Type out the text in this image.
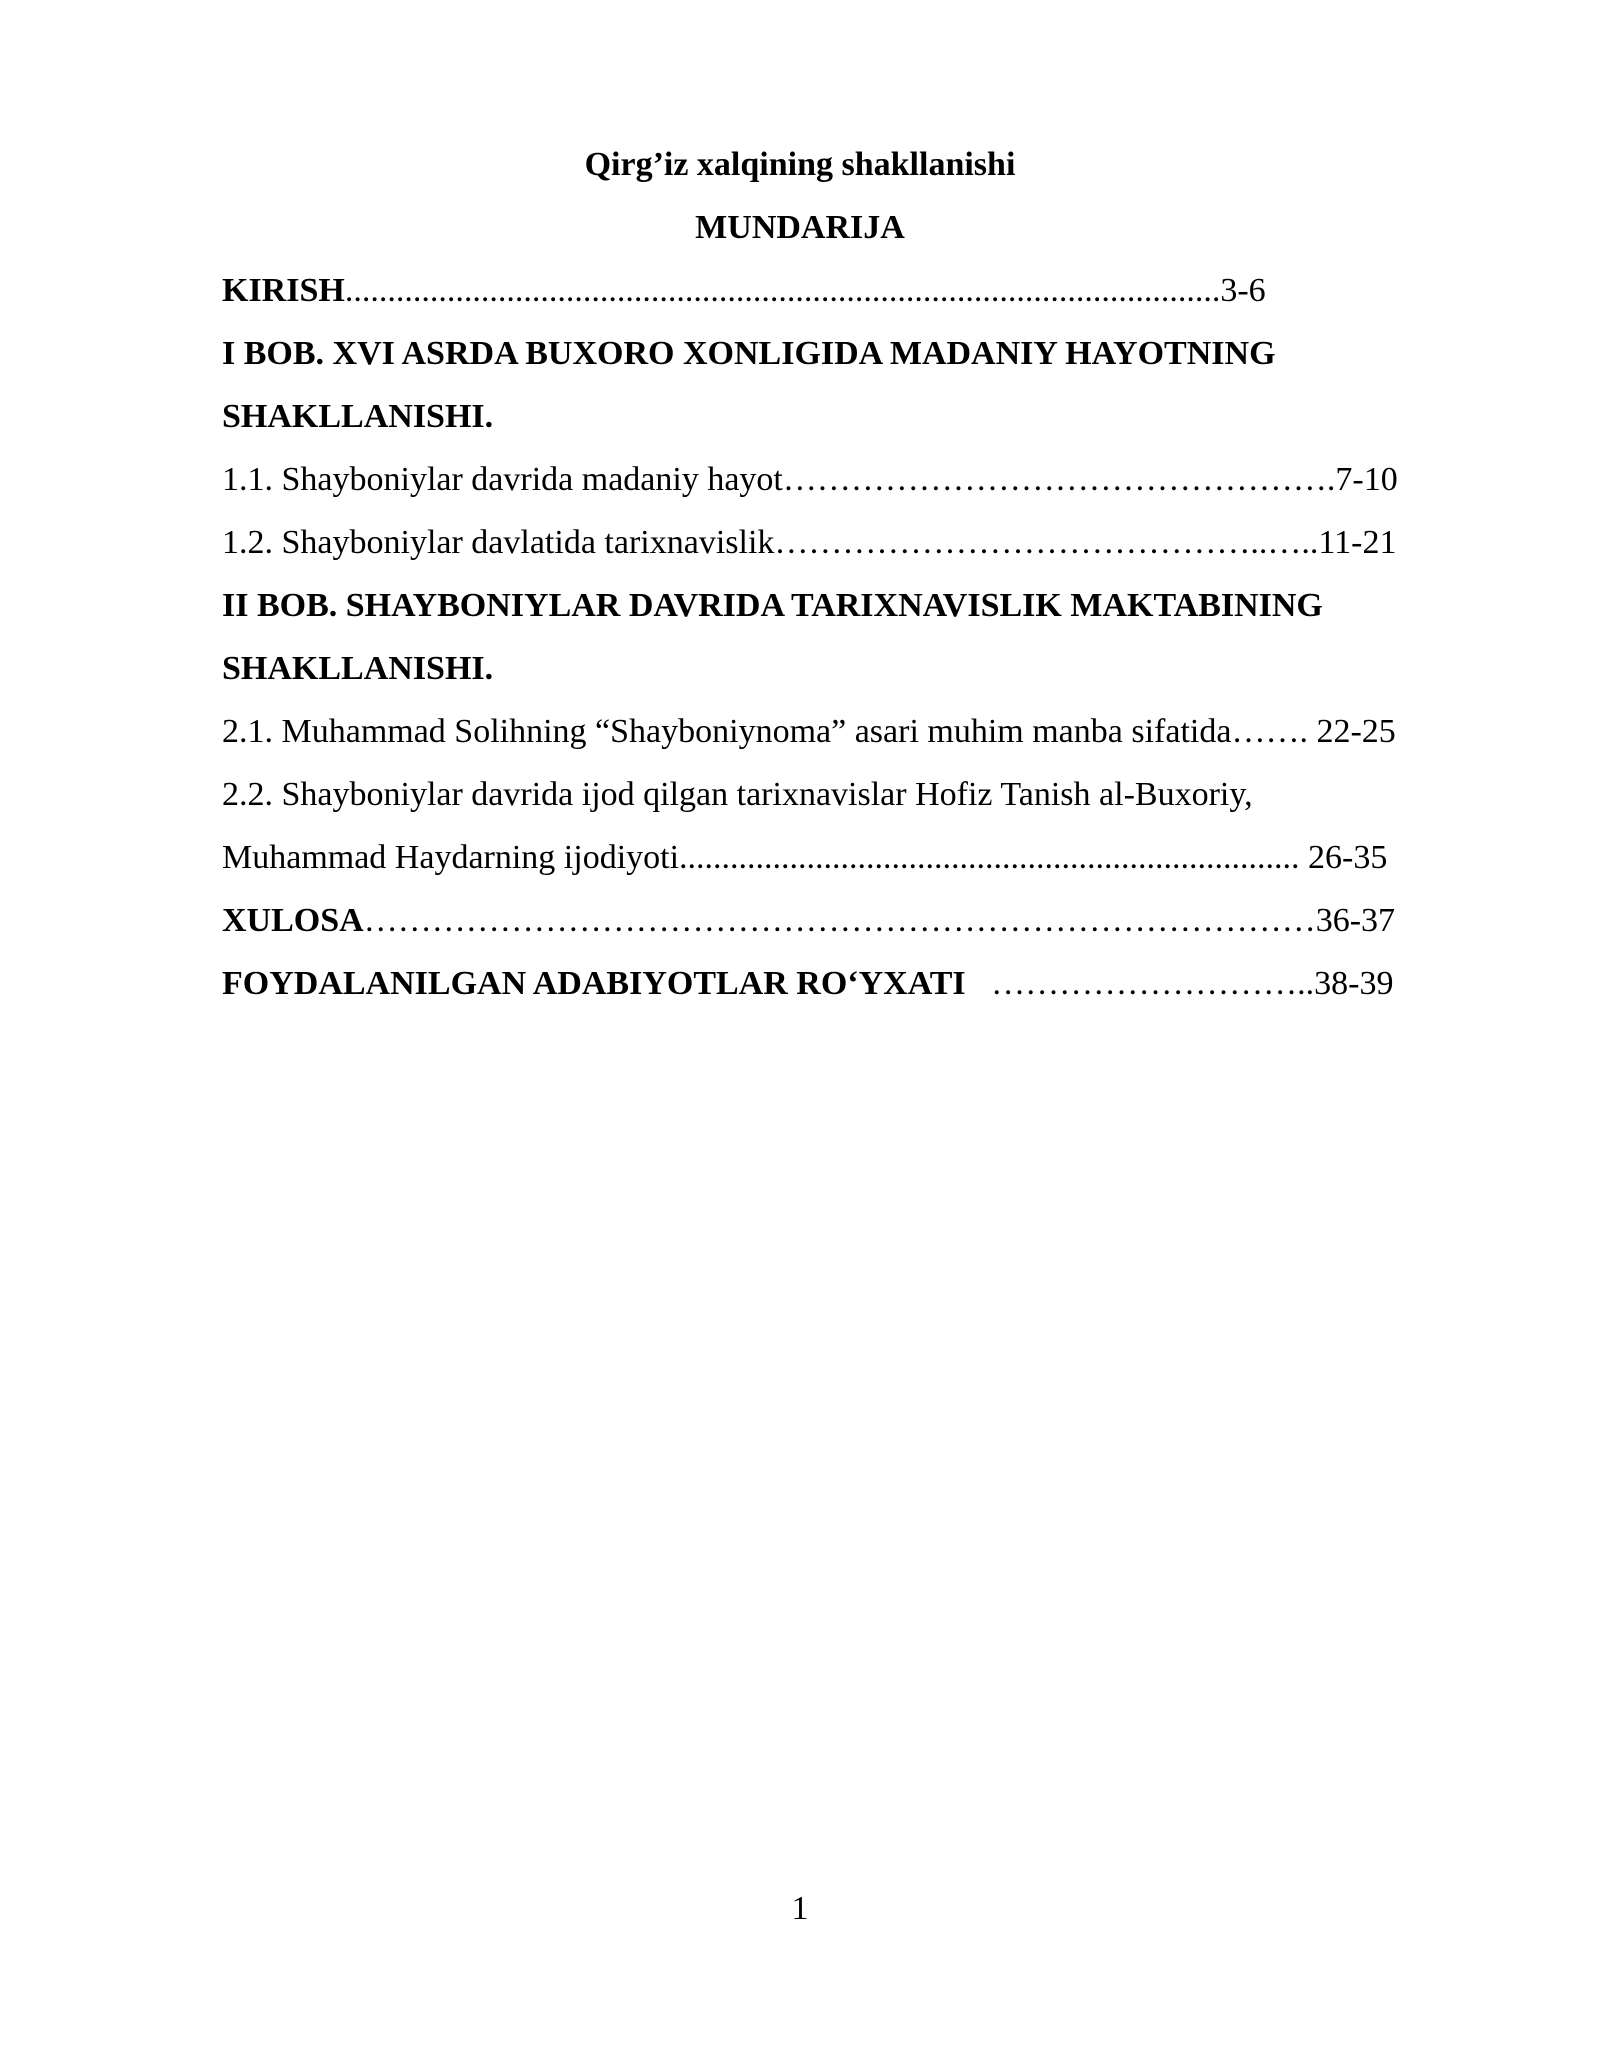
Qirg’iz xalqining shakllanishi
MUNDARIJA
KIRISH.......................................................................................................3-6
I BOB. XVI ASRDA BUXORO XONLIGIDA MADANIY HAYOTNING
SHAKLLANISHI.
1.1. Shayboniylar davrida madaniy hayot………………………………………….7-10
1.2. Shayboniylar davlatida tarixnavislik……………………………………..…..11-21
II BOB. SHAYBONIYLAR DAVRIDA TARIXNAVISLIK MAKTABINING
SHAKLLANISHI.
2.1. Muhammad Solihning “Shayboniynoma” asari muhim manba sifatida……. 22-25
2.2. Shayboniylar davrida ijod qilgan tarixnavislar Hofiz Tanish al-Buxoriy,
Muhammad Haydarning ijodiyoti......................................................................... 26-35
XULOSA…………………………………………………………………………36-37
FOYDALANILGAN ADABIYOTLAR RO‘YXATI   ………………………..38-39
1
